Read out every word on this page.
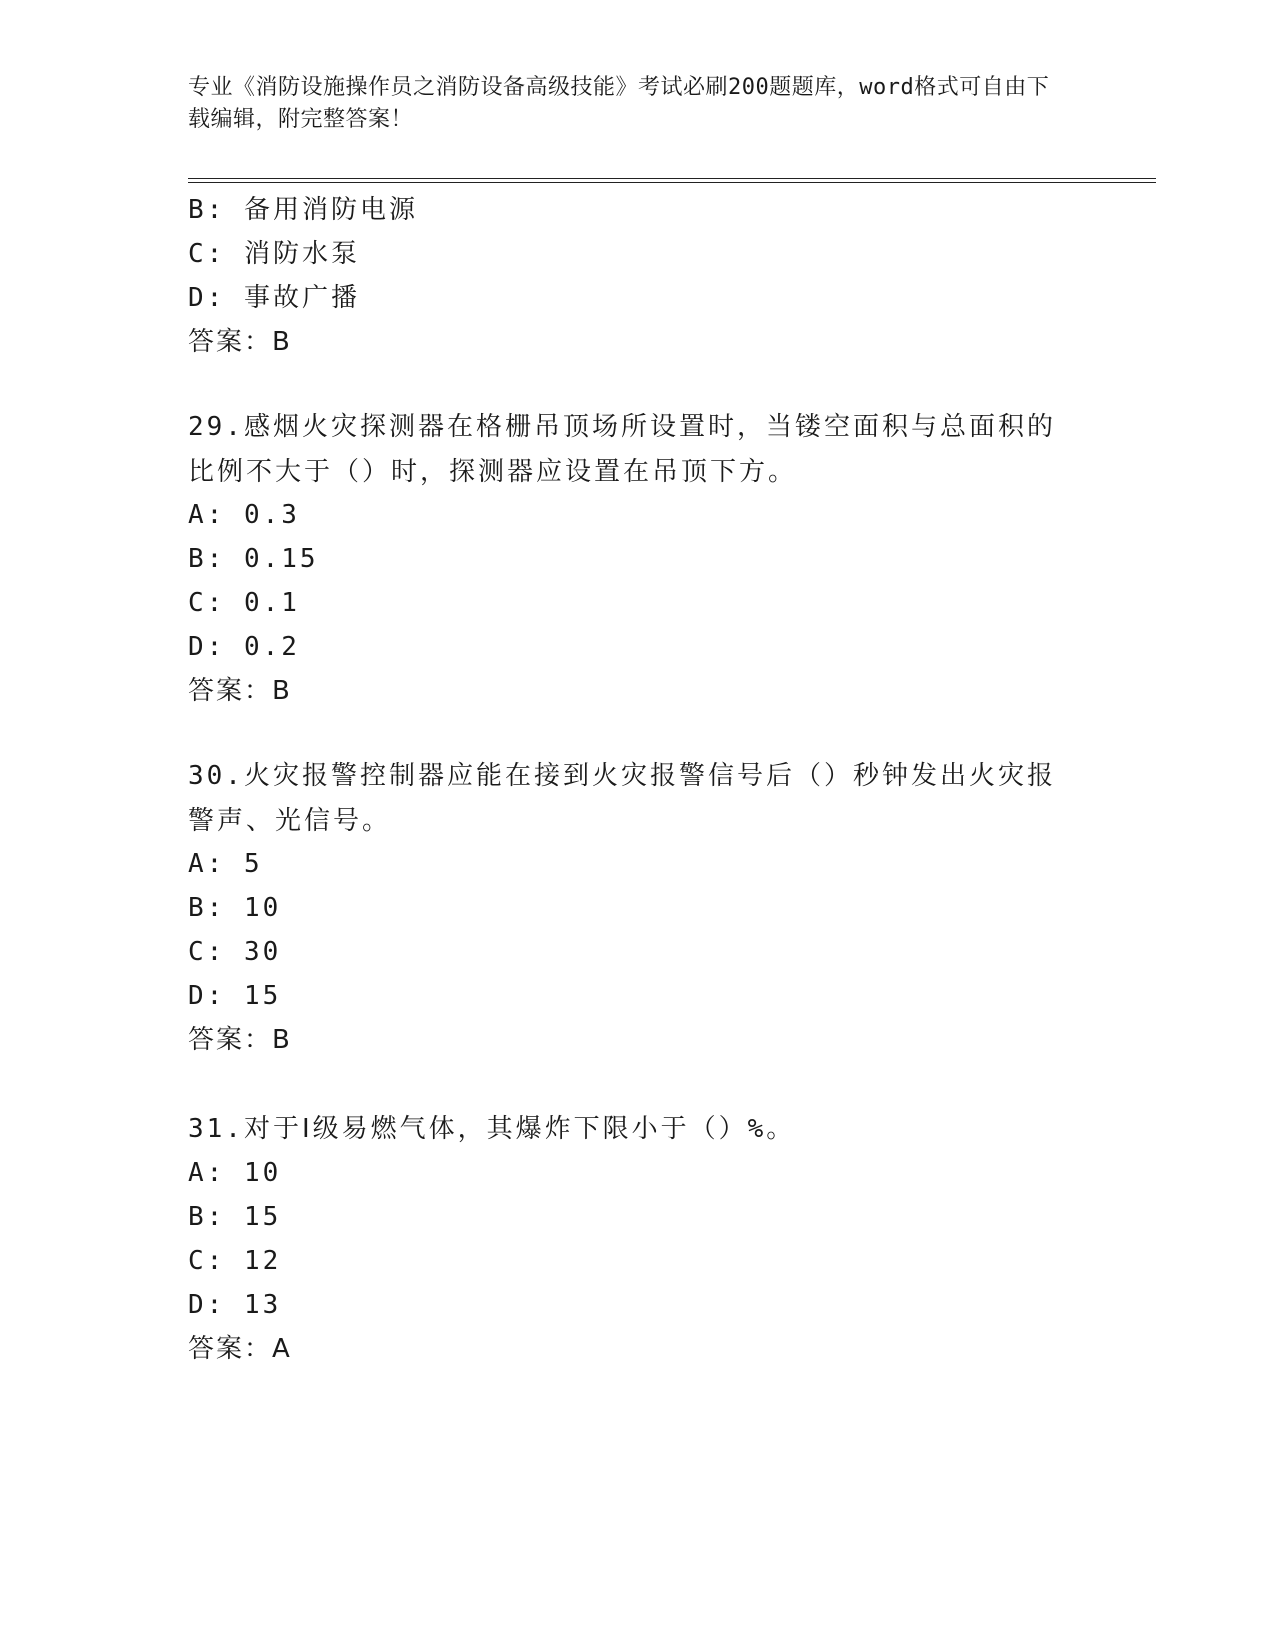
专业《消防设施操作员之消防设备高级技能》考试必刷200题题库，word格式可自由下载编辑，附完整答案！
B: 备用消防电源
C: 消防水泵
D: 事故广播
答案：B
29.感烟火灾探测器在格栅吊顶场所设置时，当镂空面积与总面积的比例不大于（）时，探测器应设置在吊顶下方。
A: 0.3
B: 0.15
C: 0.1
D: 0.2
答案：B
30.火灾报警控制器应能在接到火灾报警信号后（）秒钟发出火灾报警声、光信号。
A: 5
B: 10
C: 30
D: 15
答案：B
31.对于Ⅰ级易燃气体，其爆炸下限小于（）%。
A: 10
B: 15
C: 12
D: 13
答案：A
